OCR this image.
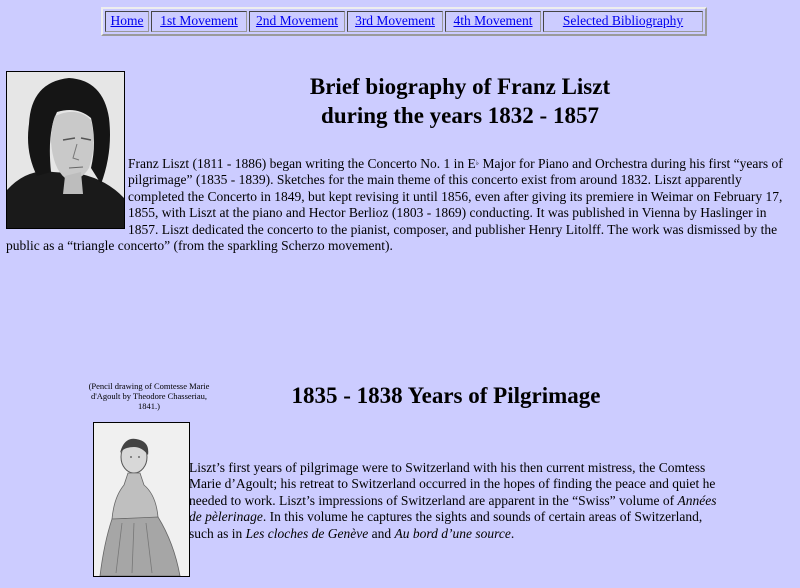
Home	1st Movement	2nd Movement	3rd Movement	4th Movement	Selected Bibliography
Brief biography of Franz Liszt
during the years 1832 - 1857
Franz Liszt (1811 - 1886) began writing the Concerto No. 1 in E♭ Major for Piano and Orchestra during his first “years of pilgrimage” (1835 - 1839). Sketches for the main theme of this concerto exist from around 1832. Liszt apparently completed the Concerto in 1849, but kept revising it until 1856, even after giving its premiere in Weimar on February 17, 1855, with Liszt at the piano and Hector Berlioz (1803 - 1869) conducting. It was published in Vienna by Haslinger in 1857. Liszt dedicated the concerto to the pianist, composer, and publisher Henry Litolff. The work was dismissed by the public as a “triangle concerto” (from the sparkling Scherzo movement).
(Pencil drawing of Comtesse Marie d'Agoult by Theodore Chasseriau, 1841.)	1835 - 1838 Years of Pilgrimage
Liszt’s first years of pilgrimage were to Switzerland with his then current mistress, the Comtess Marie d’Agoult; his retreat to Switzerland occurred in the hopes of finding the peace and quiet he needed to work. Liszt’s impressions of Switzerland are apparent in the “Swiss” volume of Années de pèlerinage. In this volume he captures the sights and sounds of certain areas of Switzerland, such as in Les cloches de Genève and Au bord d’une source.
